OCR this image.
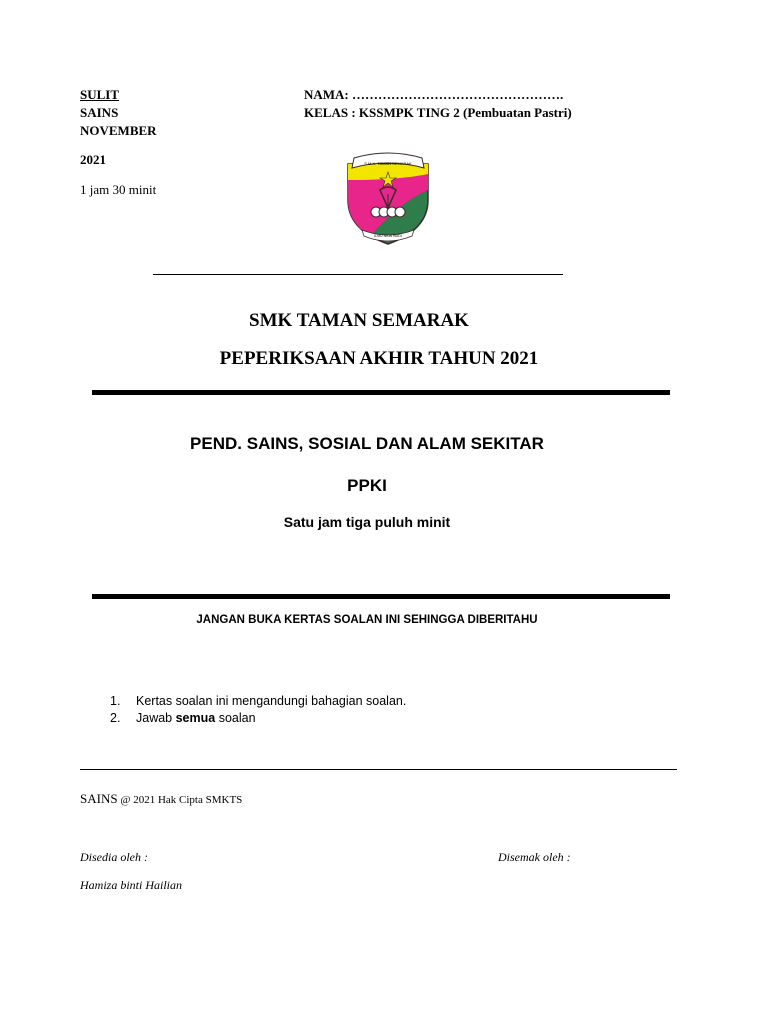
SULIT
SAINS
NOVEMBER
2021
1 jam 30 minit
NAMA: ………………………………………….
KELAS : KSSMPK TING 2 (Pembuatan Pastri)
S.M.K. TAMAN SEMARAK
ILMU NILAI BUDI
SMK TAMAN SEMARAK
PEPERIKSAAN AKHIR TAHUN 2021
PEND. SAINS, SOSIAL DAN ALAM SEKITAR
PPKI
Satu jam tiga puluh minit
JANGAN BUKA KERTAS SOALAN INI SEHINGGA DIBERITAHU
1. Kertas soalan ini mengandungi bahagian soalan.
2. Jawab semua soalan
SAINS @ 2021 Hak Cipta SMKTS
Disedia oleh :	Disemak oleh :
Hamiza binti Hailian
